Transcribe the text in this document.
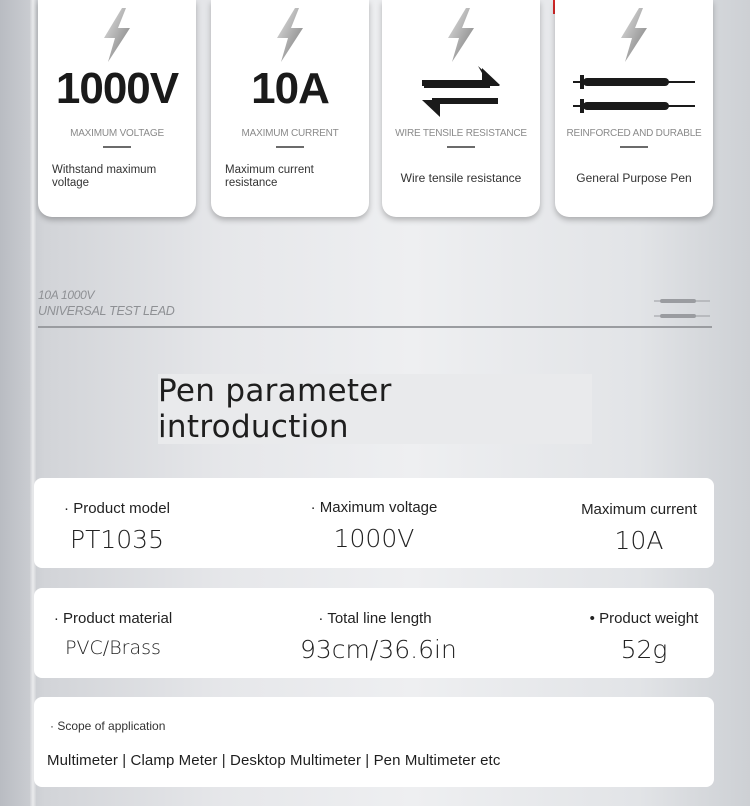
1000V
MAXIMUM VOLTAGE
Withstand maximum voltage
10A
MAXIMUM CURRENT
Maximum current resistance
WIRE TENSILE RESISTANCE
Wire tensile resistance
REINFORCED AND DURABLE
General Purpose Pen
10A 1000V
UNIVERSAL TEST LEAD
Pen parameter introduction
· Product model
PT1035
· Maximum voltage
1000V
Maximum current
10A
· Product material
PVC/Brass
· Total line length
93cm/36.6in
• Product weight
52g
· Scope of application
Multimeter | Clamp Meter | Desktop Multimeter | Pen Multimeter etc
